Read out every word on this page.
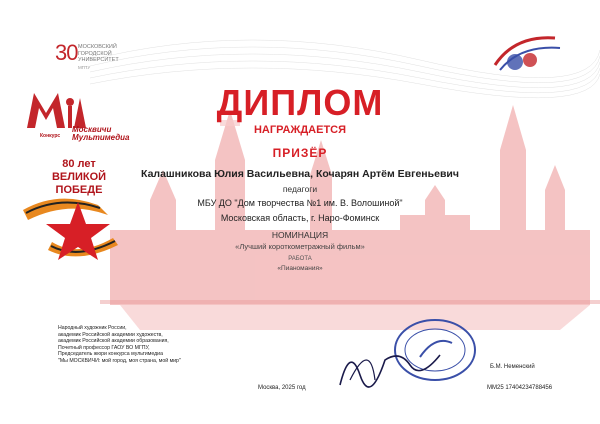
30 МОСКОВСКИЙ
ГОРОДСКОЙ
УНИВЕРСИТЕТ
МГПУ
Конкурс
Москвичи
Мультимедиа
80 лет
ВЕЛИКОЙ
ПОБЕДЕ
ДИПЛОМ
НАГРАЖДАЕТСЯ
ПРИЗЁР
Калашникова Юлия Васильевна, Кочарян Артём Евгеньевич
педагоги
МБУ ДО "Дом творчества №1 им. В. Волошиной"
Московская область, г. Наро-Фоминск
НОМИНАЦИЯ
«Лучший короткометражный фильм»
РАБОТА
«Пианомания»
Народный художник России,
академик Российской академии художеств,
академик Российской академии образования,
Почетный профессор ГАОУ ВО МГПУ,
Председатель жюри конкурса мультимедиа
"Мы МОСКВИЧИ: мой город, моя страна, мой мир"
Москва, 2025 год
Б.М. Неменский
ММ25 17404234788456
